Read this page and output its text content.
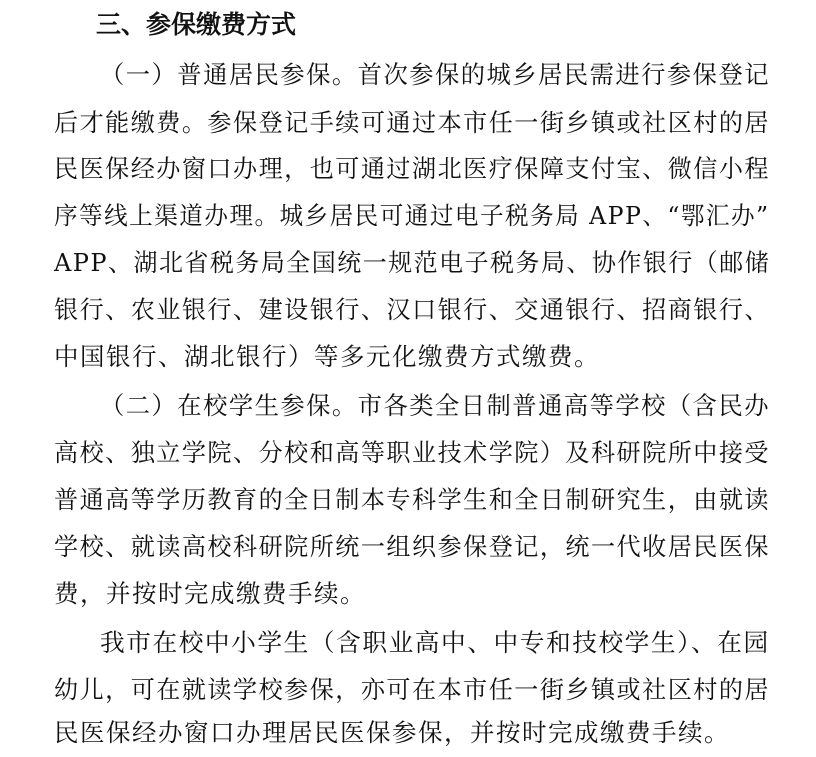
三、参保缴费方式
（一）普通居民参保。首次参保的城乡居民需进行参保登记
后才能缴费。参保登记手续可通过本市任一街乡镇或社区村的居
民医保经办窗口办理，也可通过湖北医疗保障支付宝、微信小程
序等线上渠道办理。城乡居民可通过电子税务局 APP、“鄂汇办”
APP、湖北省税务局全国统一规范电子税务局、协作银行（邮储
银行、农业银行、建设银行、汉口银行、交通银行、招商银行、
中国银行、湖北银行）等多元化缴费方式缴费。
（二）在校学生参保。市各类全日制普通高等学校（含民办
高校、独立学院、分校和高等职业技术学院）及科研院所中接受
普通高等学历教育的全日制本专科学生和全日制研究生，由就读
学校、就读高校科研院所统一组织参保登记，统一代收居民医保
费，并按时完成缴费手续。
我市在校中小学生（含职业高中、中专和技校学生）、在园
幼儿，可在就读学校参保，亦可在本市任一街乡镇或社区村的居
民医保经办窗口办理居民医保参保，并按时完成缴费手续。
